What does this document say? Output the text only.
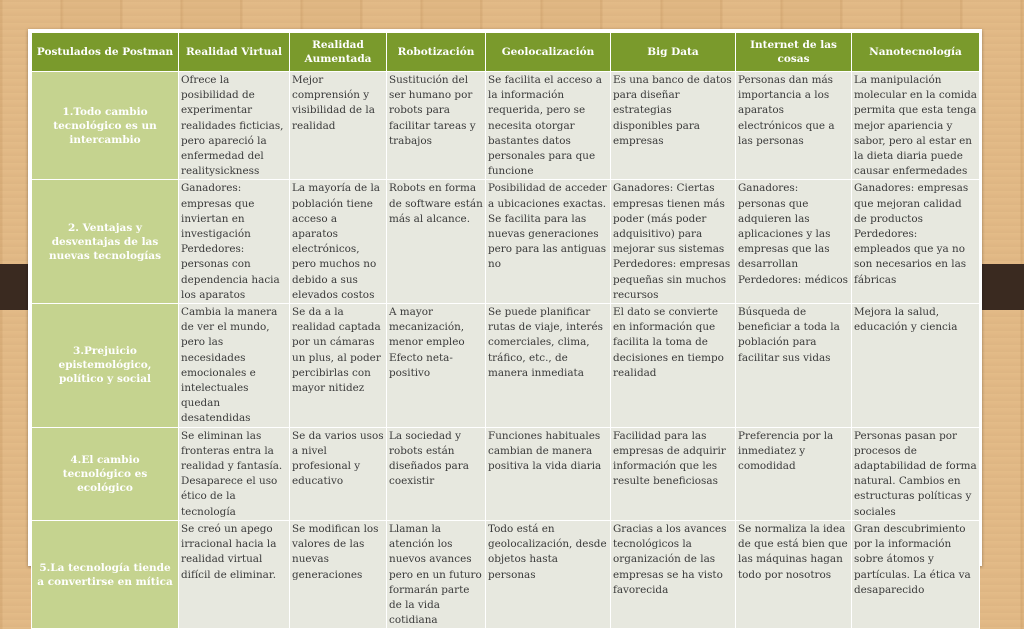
Postulados de Postman	Realidad Virtual	Realidad Aumentada	Robotización	Geolocalización	Big Data	Internet de las cosas	Nanotecnología
1.Todo cambio tecnológico es un intercambio	Ofrece la posibilidad de experimentar realidades ficticias, pero apareció la enfermedad del realitysickness	Mejor comprensión y visibilidad de la realidad	Sustitución del ser humano por robots para facilitar tareas y trabajos	Se facilita el acceso a la información requerida, pero se necesita otorgar bastantes datos personales para que funcione	Es una banco de datos para diseñar estrategias disponibles para empresas	Personas dan más importancia a los aparatos electrónicos que a las personas	La manipulación molecular en la comida permita que esta tenga mejor apariencia y sabor, pero al estar en la dieta diaria puede causar enfermedades
2. Ventajas y desventajas de las nuevas tecnologías	Ganadores: empresas que inviertan en investigación Perdedores: personas con dependencia hacia los aparatos	La mayoría de la población tiene acceso a aparatos electrónicos, pero muchos no debido a sus elevados costos	Robots en forma de software están más al alcance.	Posibilidad de acceder a ubicaciones exactas. Se facilita para las nuevas generaciones pero para las antiguas no	Ganadores: Ciertas empresas tienen más poder (más poder adquisitivo) para mejorar sus sistemas Perdedores: empresas pequeñas sin muchos recursos	Ganadores: personas que adquieren las aplicaciones y las empresas que las desarrollan Perdedores: médicos	Ganadores: empresas que mejoran calidad de productos Perdedores: empleados que ya no son necesarios en las fábricas
3.Prejuicio epistemológico, político y social	Cambia la manera de ver el mundo, pero las necesidades emocionales e intelectuales quedan desatendidas	Se da a la realidad captada por un cámaras un plus, al poder percibirlas con mayor nitidez	A mayor mecanización, menor empleo Efecto neta-positivo	Se puede planificar rutas de viaje, interés comerciales, clima, tráfico, etc., de manera inmediata	El dato se convierte en información que facilita la toma de decisiones en tiempo realidad	Búsqueda de beneficiar a toda la población para facilitar sus vidas	Mejora la salud, educación y ciencia
4.El cambio tecnológico es ecológico	Se eliminan las fronteras entra la realidad y fantasía. Desaparece el uso ético de la tecnología	Se da varios usos a nivel profesional y educativo	La sociedad y robots están diseñados para coexistir	Funciones habituales cambian de manera positiva la vida diaria	Facilidad para las empresas de adquirir información que les resulte beneficiosas	Preferencia por la inmediatez y comodidad	Personas pasan por procesos de adaptabilidad de forma natural. Cambios en estructuras políticas y sociales
5.La tecnología tiende a convertirse en mítica	Se creó un apego irracional hacia la realidad virtual difícil de eliminar.	Se modifican los valores de las nuevas generaciones	Llaman la atención los nuevos avances pero en un futuro formarán parte de la vida cotidiana	Todo está en geolocalización, desde objetos hasta personas	Gracias a los avances tecnológicos la organización de las empresas se ha visto favorecida	Se normaliza la idea de que está bien que las máquinas hagan todo por nosotros	Gran descubrimiento por la información sobre átomos y partículas. La ética va desaparecido
